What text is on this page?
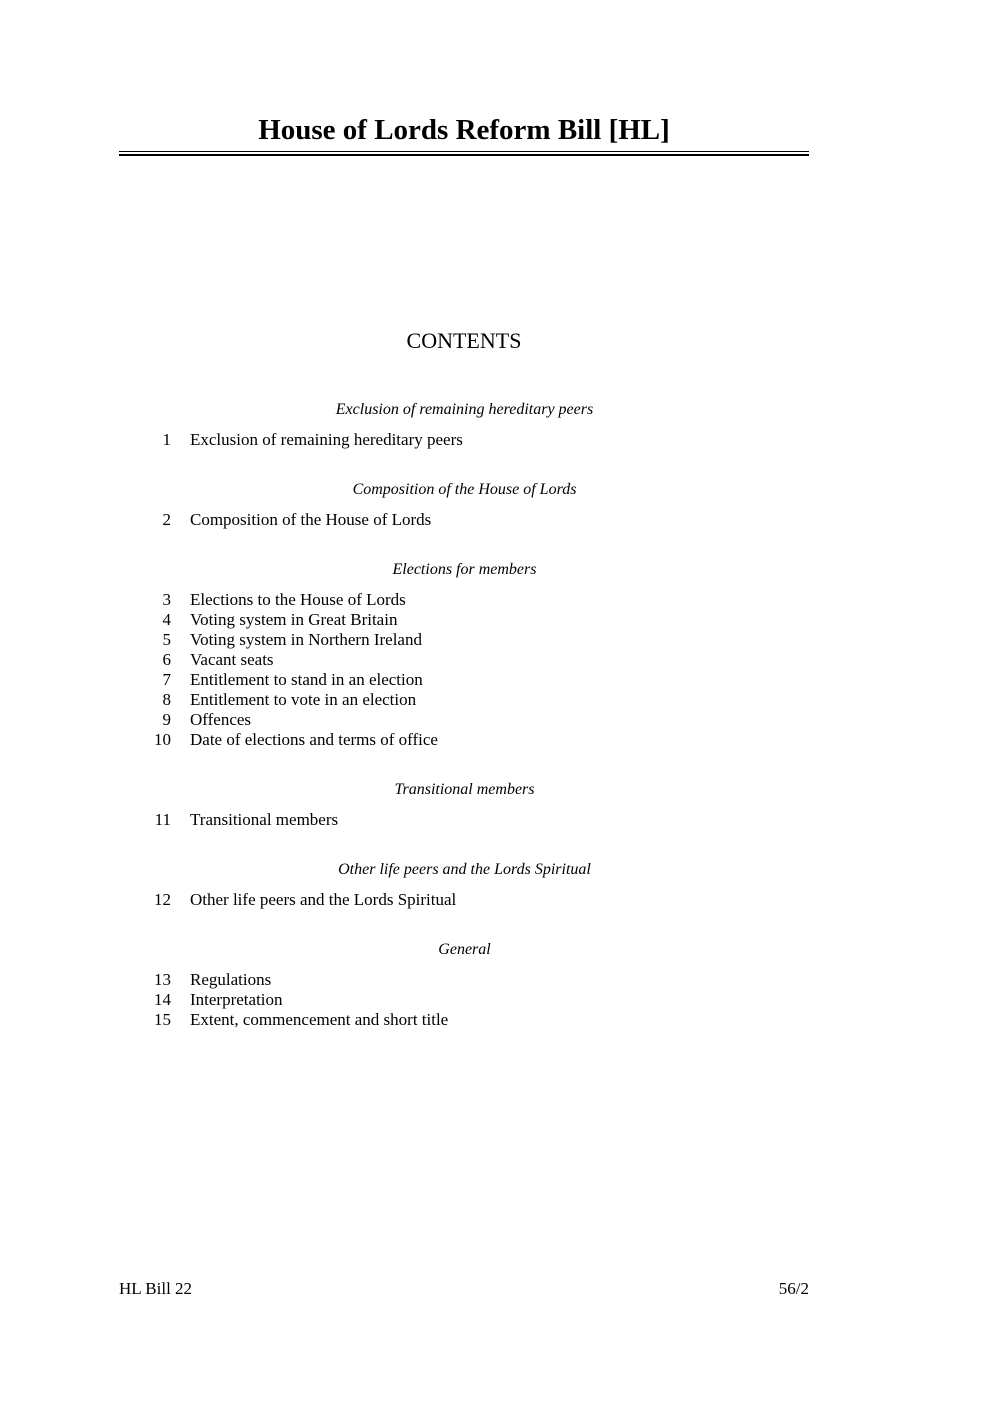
House of Lords Reform Bill [HL]
CONTENTS
Exclusion of remaining hereditary peers
1 Exclusion of remaining hereditary peers
Composition of the House of Lords
2 Composition of the House of Lords
Elections for members
3 Elections to the House of Lords
4 Voting system in Great Britain
5 Voting system in Northern Ireland
6 Vacant seats
7 Entitlement to stand in an election
8 Entitlement to vote in an election
9 Offences
10 Date of elections and terms of office
Transitional members
11 Transitional members
Other life peers and the Lords Spiritual
12 Other life peers and the Lords Spiritual
General
13 Regulations
14 Interpretation
15 Extent, commencement and short title
HL Bill 22	56/2
